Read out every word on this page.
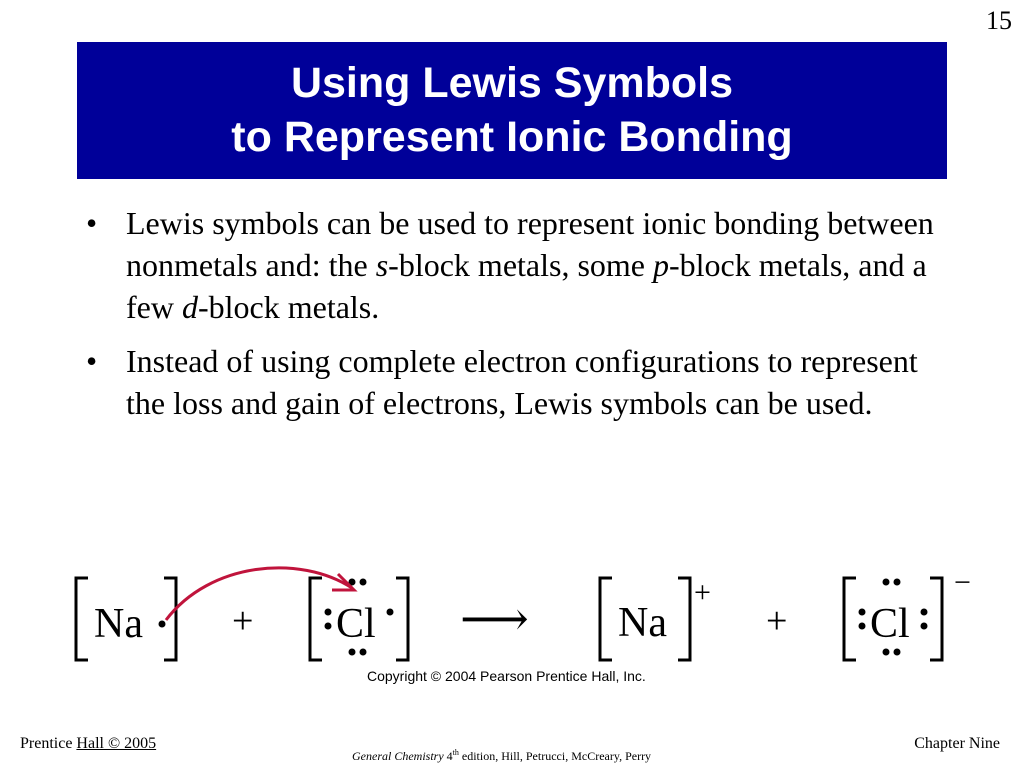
15
Using Lewis Symbols
to Represent Ionic Bonding
• Lewis symbols can be used to represent ionic bonding between nonmetals and: the s-block metals, some p-block metals, and a few d-block metals.
• Instead of using complete electron configurations to represent the loss and gain of electrons, Lewis symbols can be used.
Na + Cl ⟶ Na
+
+ Cl
−
Copyright © 2004 Pearson Prentice Hall, Inc.
Prentice Hall © 2005
General Chemistry 4th edition, Hill, Petrucci, McCreary, Perry
Chapter Nine
